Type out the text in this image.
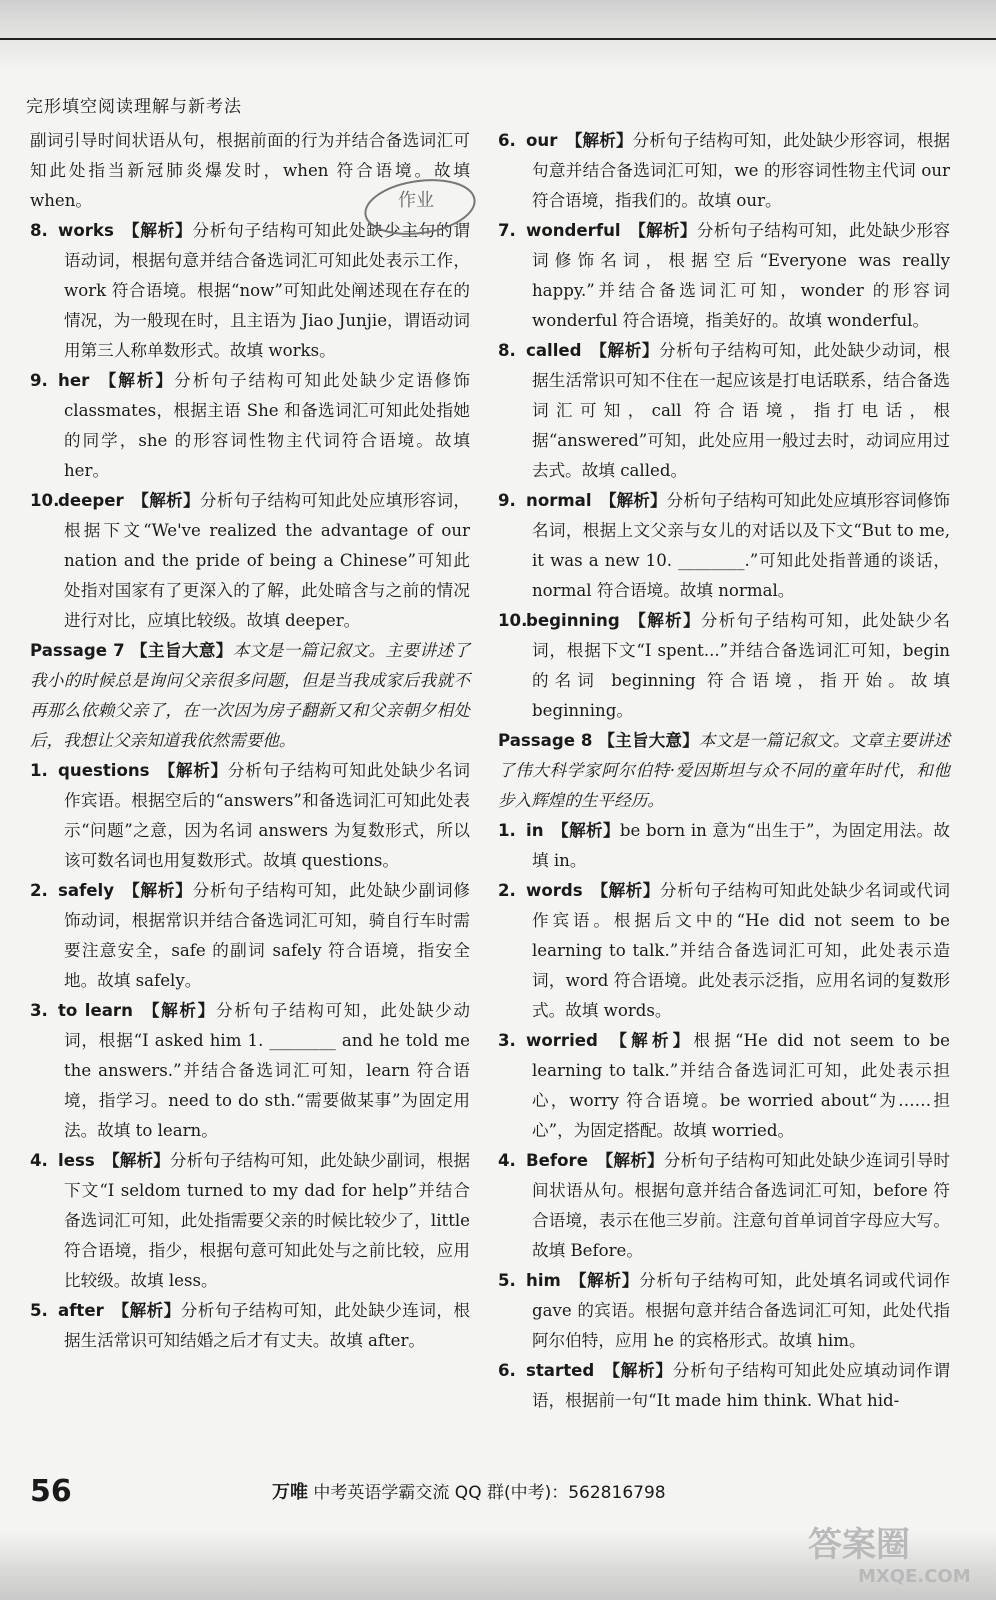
完形填空阅读理解与新考法

副词引导时间状语从句，根据前面的行为并结合备选词汇可知此处指当新冠肺炎爆发时，when 符合语境。故填 when。

8. works  【解析】分析句子结构可知此处缺少主句的谓语动词，根据句意并结合备选词汇可知此处表示工作，work 符合语境。根据“now”可知此处阐述现在存在的情况，为一般现在时，且主语为 Jiao Junjie，谓语动词用第三人称单数形式。故填 works。

9. her  【解析】分析句子结构可知此处缺少定语修饰 classmates，根据主语 She 和备选词汇可知此处指她的同学，she 的形容词性物主代词符合语境。故填 her。

10.deeper  【解析】分析句子结构可知此处应填形容词，根据下文“We've realized the advantage of our nation and the pride of being a Chinese”可知此处指对国家有了更深入的了解，此处暗含与之前的情况进行对比，应填比较级。故填 deeper。

Passage 7 【主旨大意】本文是一篇记叙文。主要讲述了我小的时候总是询问父亲很多问题，但是当我成家后我就不再那么依赖父亲了，在一次因为房子翻新又和父亲朝夕相处后，我想让父亲知道我依然需要他。

1. questions  【解析】分析句子结构可知此处缺少名词作宾语。根据空后的“answers”和备选词汇可知此处表示“问题”之意，因为名词 answers 为复数形式，所以该可数名词也用复数形式。故填 questions。

2. safely  【解析】分析句子结构可知，此处缺少副词修饰动词，根据常识并结合备选词汇可知，骑自行车时需要注意安全，safe 的副词 safely 符合语境，指安全地。故填 safely。

3. to learn  【解析】分析句子结构可知，此处缺少动词，根据“I asked him 1. ________ and he told me the answers.”并结合备选词汇可知，learn 符合语境，指学习。need to do sth.“需要做某事”为固定用法。故填 to learn。

4. less  【解析】分析句子结构可知，此处缺少副词，根据下文“I seldom turned to my dad for help”并结合备选词汇可知，此处指需要父亲的时候比较少了，little 符合语境，指少，根据句意可知此处与之前比较，应用比较级。故填 less。

5. after  【解析】分析句子结构可知，此处缺少连词，根据生活常识可知结婚之后才有丈夫。故填 after。

6. our  【解析】分析句子结构可知，此处缺少形容词，根据句意并结合备选词汇可知，we 的形容词性物主代词 our 符合语境，指我们的。故填 our。

7. wonderful  【解析】分析句子结构可知，此处缺少形容词修饰名词，根据空后“Everyone was really happy.”并结合备选词汇可知，wonder 的形容词 wonderful 符合语境，指美好的。故填 wonderful。

8. called  【解析】分析句子结构可知，此处缺少动词，根据生活常识可知不住在一起应该是打电话联系，结合备选词汇可知，call 符合语境，指打电话，根据“answered”可知，此处应用一般过去时，动词应用过去式。故填 called。

9. normal  【解析】分析句子结构可知此处应填形容词修饰名词，根据上文父亲与女儿的对话以及下文“But to me, it was a new 10. ________.”可知此处指普通的谈话，normal 符合语境。故填 normal。

10.beginning  【解析】分析句子结构可知，此处缺少名词，根据下文“I spent...”并结合备选词汇可知，begin 的名词 beginning 符合语境，指开始。故填 beginning。

Passage 8 【主旨大意】本文是一篇记叙文。文章主要讲述了伟大科学家阿尔伯特·爱因斯坦与众不同的童年时代，和他步入辉煌的生平经历。

1. in  【解析】be born in 意为“出生于”，为固定用法。故填 in。

2. words  【解析】分析句子结构可知此处缺少名词或代词作宾语。根据后文中的“He did not seem to be learning to talk.”并结合备选词汇可知，此处表示造词，word 符合语境。此处表示泛指，应用名词的复数形式。故填 words。

3. worried  【解析】根据“He did not seem to be learning to talk.”并结合备选词汇可知，此处表示担心，worry 符合语境。be worried about“为……担心”，为固定搭配。故填 worried。

4. Before  【解析】分析句子结构可知此处缺少连词引导时间状语从句。根据句意并结合备选词汇可知，before 符合语境，表示在他三岁前。注意句首单词首字母应大写。故填 Before。

5. him  【解析】分析句子结构可知，此处填名词或代词作 gave 的宾语。根据句意并结合备选词汇可知，此处代指阿尔伯特，应用 he 的宾格形式。故填 him。

6. started  【解析】分析句子结构可知此处应填动词作谓语，根据前一句“It made him think. What hid-

作业
56	万唯 中考英语学霸交流 QQ 群(中考)：562816798
答案圈
MXQE.COM
